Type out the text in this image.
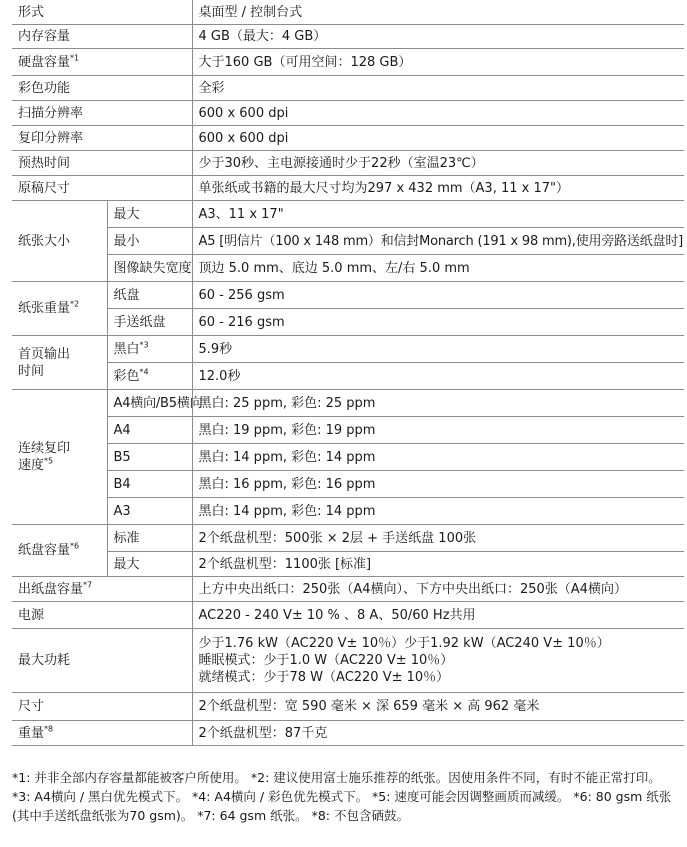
形式		桌面型 / 控制台式
内存容量		4 GB（最大：4 GB）
硬盘容量$^{*1}$		大于160 GB（可用空间：128 GB）
彩色功能		全彩
扫描分辨率		600 x 600 dpi
复印分辨率		600 x 600 dpi
预热时间		少于30秒、主电源接通时少于22秒（室温23℃）
原稿尺寸		单张纸或书籍的最大尺寸均为297 x 432 mm（A3, 11 x 17"）
纸张大小	最大	A3、11 x 17"
	最小	A5 [明信片（100 x 148 mm）和信封Monarch (191 x 98 mm),使用旁路送纸盘时]
	图像缺失宽度	顶边 5.0 mm、底边 5.0 mm、左/右 5.0 mm
纸张重量$^{*2}$	纸盘	60 - 256 gsm
	手送纸盘	60 - 216 gsm
首页输出
时间	黑白$^{*3}$	5.9秒
	彩色$^{*4}$	12.0秒
连续复印
速度$^{*5}$	A4横向/B5横向	黑白: 25 ppm, 彩色: 25 ppm
	A4	黑白: 19 ppm, 彩色: 19 ppm
	B5	黑白: 14 ppm, 彩色: 14 ppm
	B4	黑白: 16 ppm, 彩色: 16 ppm
	A3	黑白: 14 ppm, 彩色: 14 ppm
纸盘容量$^{*6}$	标准	2个纸盘机型：500张 × 2层 + 手送纸盘 100张
	最大	2个纸盘机型：1100张 [标准]
出纸盘容量$^{*7}$		上方中央出纸口：250张（A4横向）、下方中央出纸口：250张（A4横向）
电源		AC220 - 240 V± 10 % 、8 A、50/60 Hz共用
最大功耗		少于1.76 kW（AC220 V± 10％）少于1.92 kW（AC240 V± 10％）
睡眠模式：少于1.0 W（AC220 V± 10％）
就绪模式：少于78 W（AC220 V± 10％）
尺寸		2个纸盘机型：宽 590 毫米 × 深 659 毫米 × 高 962 毫米
重量$^{*8}$		2个纸盘机型：87千克
*1: 并非全部内存容量都能被客户所使用。 *2: 建议使用富士施乐推荐的纸张。因使用条件不同，有时不能正常打印。 *3: A4横向 / 黑白优先模式下。 *4: A4横向 / 彩色优先模式下。 *5: 速度可能会因调整画质而减缓。 *6: 80 gsm 纸张(其中手送纸盘纸张为70 gsm)。 *7: 64 gsm 纸张。 *8: 不包含硒鼓。
